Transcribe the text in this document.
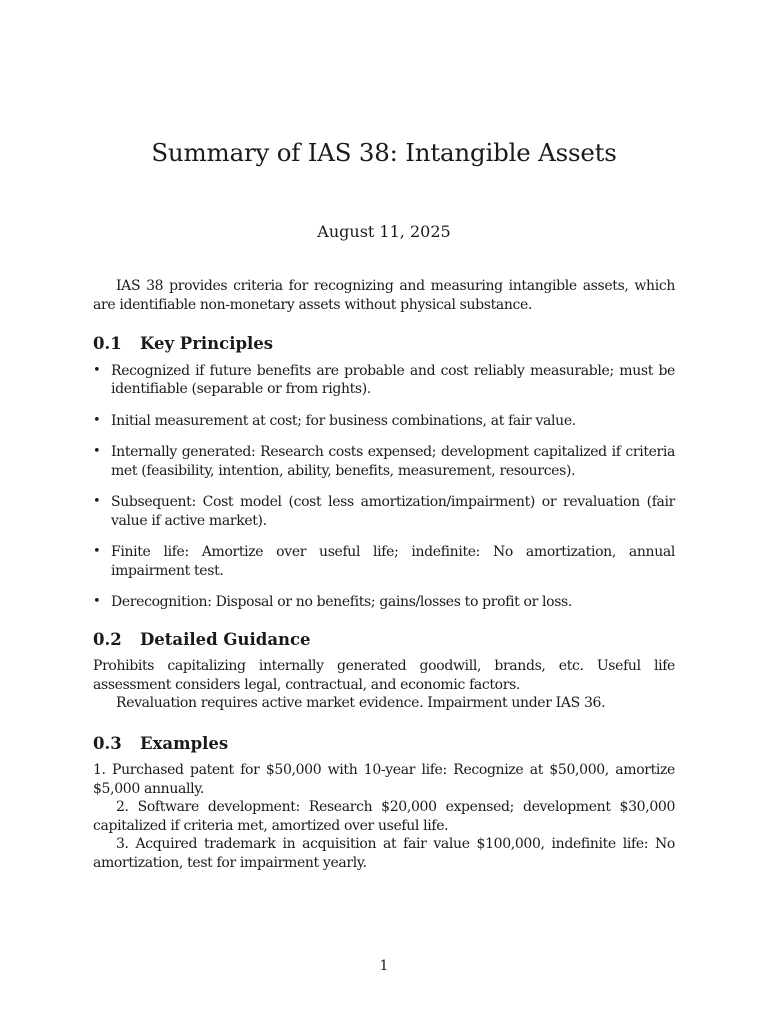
Summary of IAS 38: Intangible Assets
August 11, 2025

IAS 38 provides criteria for recognizing and measuring intangible assets, which are identifiable non-monetary assets without physical substance.

0.1 Key Principles
• Recognized if future benefits are probable and cost reliably measurable; must be identifiable (separable or from rights).
• Initial measurement at cost; for business combinations, at fair value.
• Internally generated: Research costs expensed; development capitalized if criteria met (feasibility, intention, ability, benefits, measurement, resources).
• Subsequent: Cost model (cost less amortization/impairment) or revaluation (fair value if active market).
• Finite life: Amortize over useful life; indefinite: No amortization, annual impairment test.
• Derecognition: Disposal or no benefits; gains/losses to profit or loss.
0.2 Detailed Guidance

Prohibits capitalizing internally generated goodwill, brands, etc. Useful life assessment considers legal, contractual, and economic factors.

Revaluation requires active market evidence. Impairment under IAS 36.

0.3 Examples

1. Purchased patent for $50,000 with 10-year life: Recognize at $50,000, amortize $5,000 annually.

2. Software development: Research $20,000 expensed; development $30,000 capitalized if criteria met, amortized over useful life.

3. Acquired trademark in acquisition at fair value $100,000, indefinite life: No amortization, test for impairment yearly.

1
